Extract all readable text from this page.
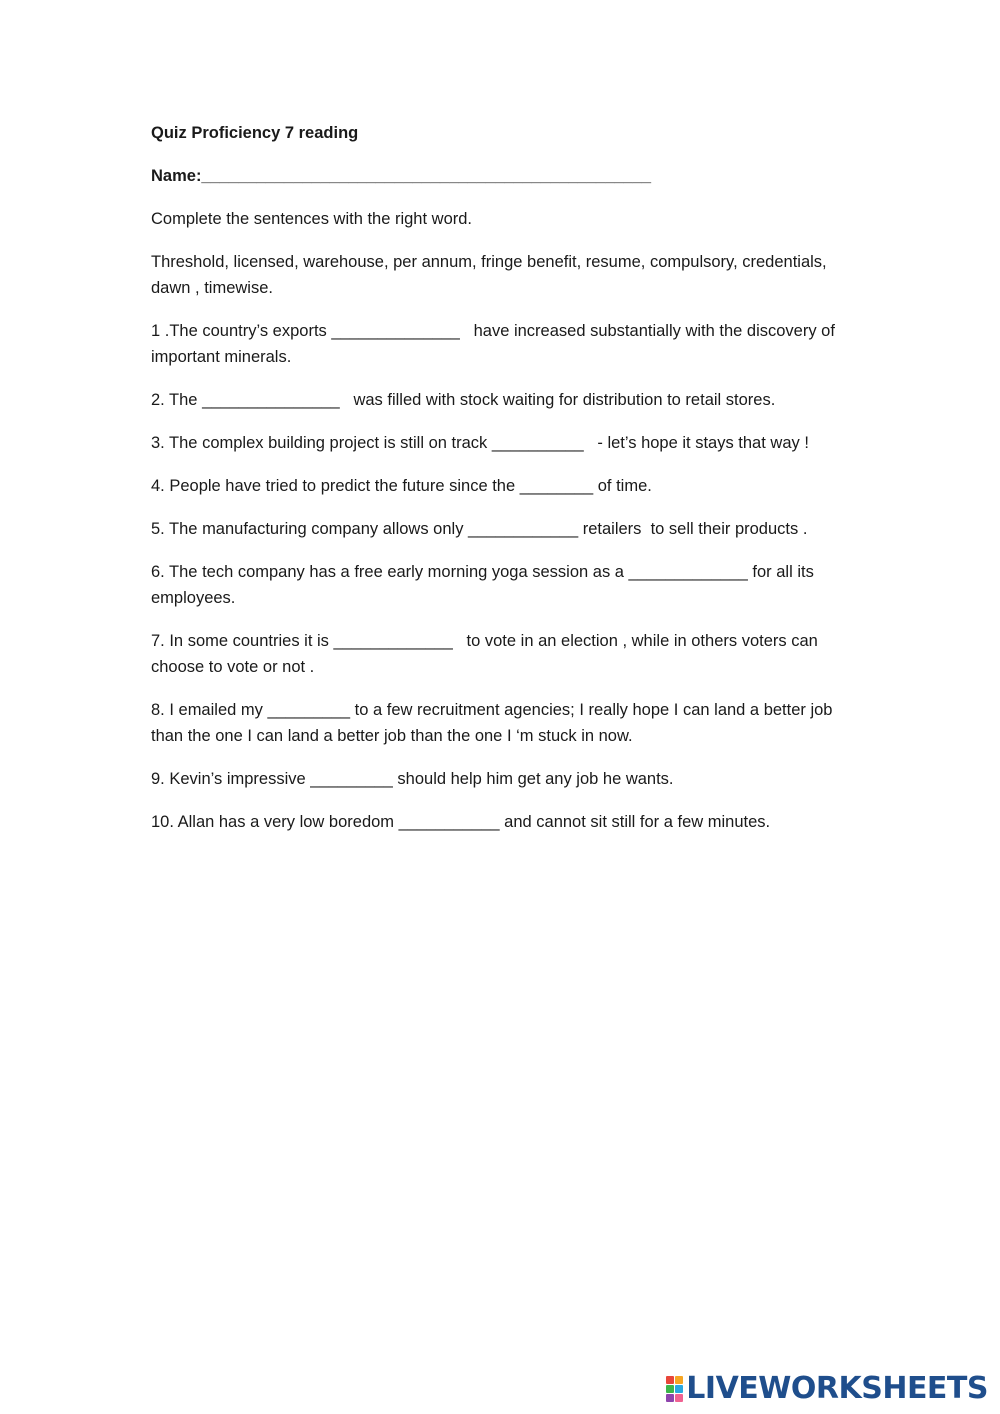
Quiz Proficiency 7 reading
Name:_________________________________________________
Complete the sentences with the right word.
Threshold, licensed, warehouse, per annum, fringe benefit, resume, compulsory, credentials, dawn , timewise.
1 .The country’s exports ______________   have increased substantially with the discovery of important minerals.
2. The _______________   was filled with stock waiting for distribution to retail stores.
3. The complex building project is still on track __________   - let’s hope it stays that way !
4. People have tried to predict the future since the ________ of time.
5. The manufacturing company allows only ____________ retailers  to sell their products .
6. The tech company has a free early morning yoga session as a _____________ for all its employees.
7. In some countries it is _____________   to vote in an election , while in others voters can choose to vote or not .
8. I emailed my _________ to a few recruitment agencies; I really hope I can land a better job than the one I can land a better job than the one I ‘m stuck in now.
9. Kevin’s impressive _________ should help him get any job he wants.
10. Allan has a very low boredom ___________ and cannot sit still for a few minutes.
LIVEWORKSHEETS
